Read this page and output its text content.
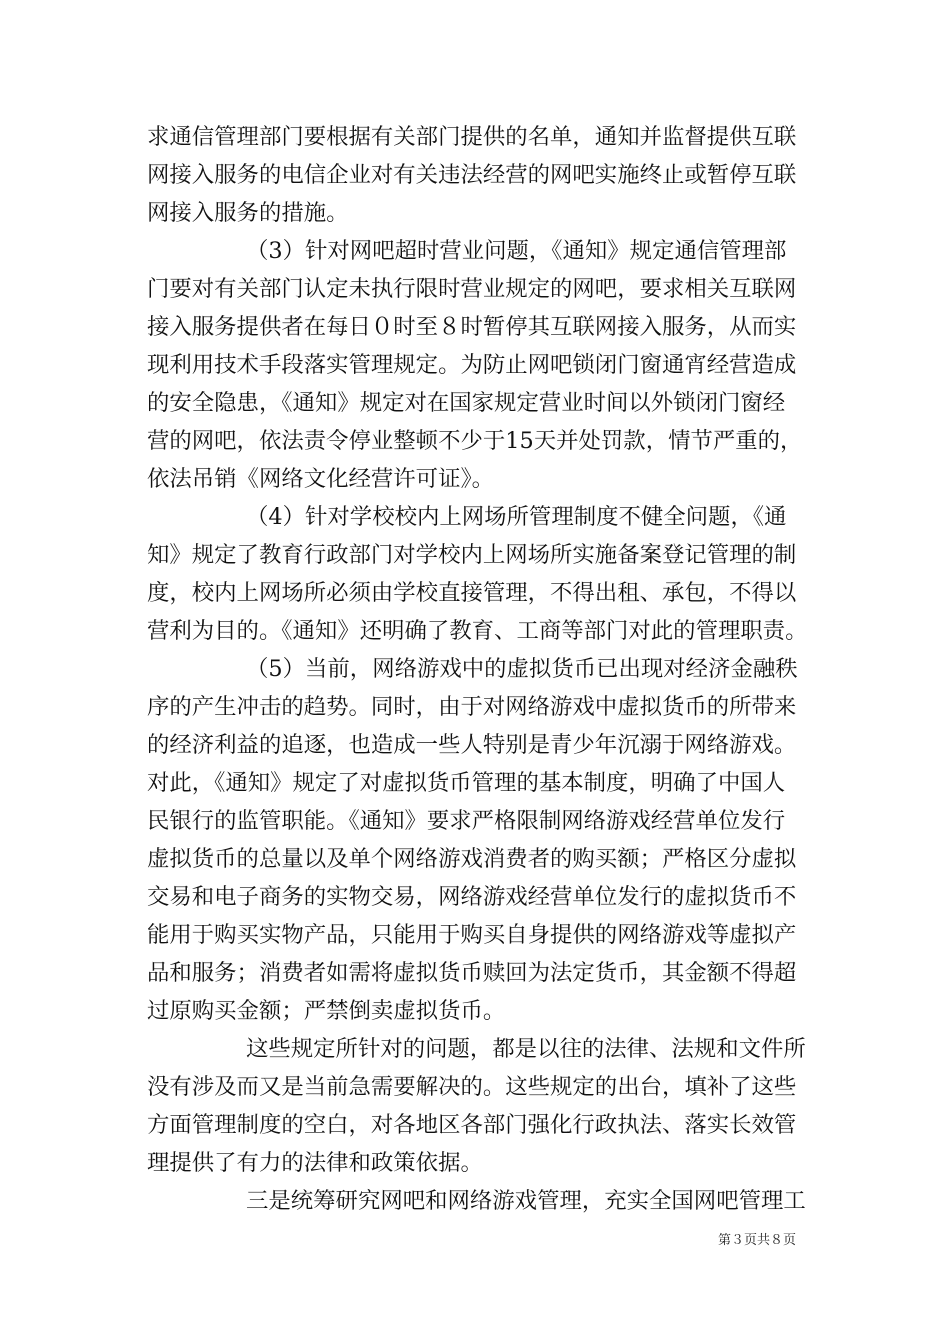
求通信管理部门要根据有关部门提供的名单，通知并监督提供互联
网接入服务的电信企业对有关违法经营的网吧实施终止或暂停互联
网接入服务的措施。
（3）针对网吧超时营业问题，《通知》规定通信管理部
门要对有关部门认定未执行限时营业规定的网吧，要求相关互联网
接入服务提供者在每日０时至８时暂停其互联网接入服务，从而实
现利用技术手段落实管理规定。为防止网吧锁闭门窗通宵经营造成
的安全隐患，《通知》规定对在国家规定营业时间以外锁闭门窗经
营的网吧，依法责令停业整顿不少于15天并处罚款，情节严重的，
依法吊销《网络文化经营许可证》。
（4）针对学校校内上网场所管理制度不健全问题，《通
知》规定了教育行政部门对学校内上网场所实施备案登记管理的制
度，校内上网场所必须由学校直接管理，不得出租、承包，不得以
营利为目的。《通知》还明确了教育、工商等部门对此的管理职责。
（5）当前，网络游戏中的虚拟货币已出现对经济金融秩
序的产生冲击的趋势。同时，由于对网络游戏中虚拟货币的所带来
的经济利益的追逐，也造成一些人特别是青少年沉溺于网络游戏。
对此，《通知》规定了对虚拟货币管理的基本制度，明确了中国人
民银行的监管职能。《通知》要求严格限制网络游戏经营单位发行
虚拟货币的总量以及单个网络游戏消费者的购买额；严格区分虚拟
交易和电子商务的实物交易，网络游戏经营单位发行的虚拟货币不
能用于购买实物产品，只能用于购买自身提供的网络游戏等虚拟产
品和服务；消费者如需将虚拟货币赎回为法定货币，其金额不得超
过原购买金额；严禁倒卖虚拟货币。
这些规定所针对的问题，都是以往的法律、法规和文件所
没有涉及而又是当前急需要解决的。这些规定的出台，填补了这些
方面管理制度的空白，对各地区各部门强化行政执法、落实长效管
理提供了有力的法律和政策依据。
三是统筹研究网吧和网络游戏管理，充实全国网吧管理工
第３页共８页
